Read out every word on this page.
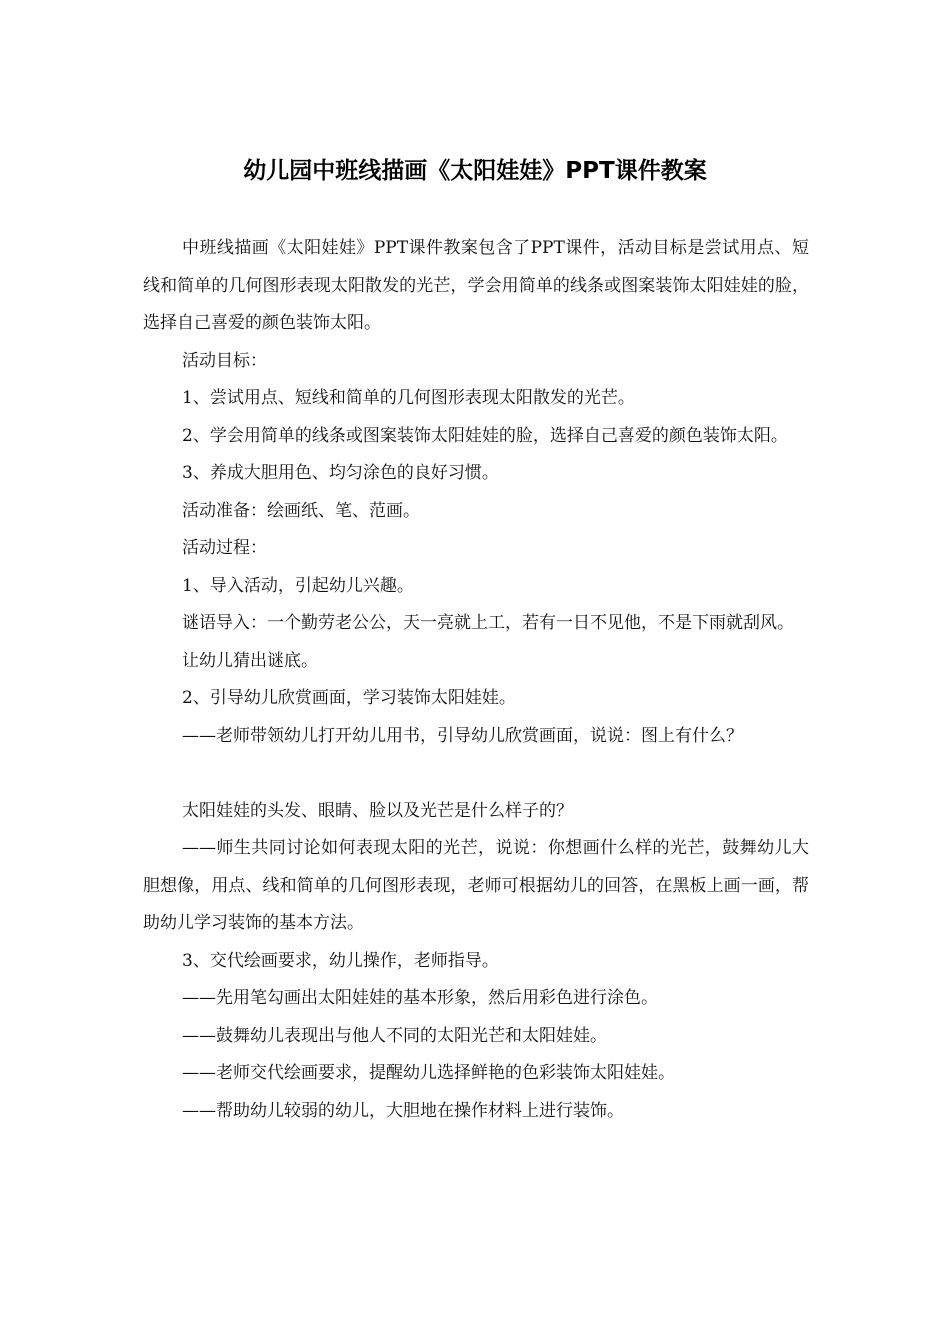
幼儿园中班线描画《太阳娃娃》PPT课件教案

中班线描画《太阳娃娃》PPT课件教案包含了PPT课件，活动目标是尝试用点、短线和简单的几何图形表现太阳散发的光芒，学会用简单的线条或图案装饰太阳娃娃的脸，选择自己喜爱的颜色装饰太阳。

活动目标：

1、尝试用点、短线和简单的几何图形表现太阳散发的光芒。

2、学会用简单的线条或图案装饰太阳娃娃的脸，选择自己喜爱的颜色装饰太阳。

3、养成大胆用色、均匀涂色的良好习惯。

活动准备：绘画纸、笔、范画。

活动过程：

1、导入活动，引起幼儿兴趣。

谜语导入：一个勤劳老公公，天一亮就上工，若有一日不见他，不是下雨就刮风。

让幼儿猜出谜底。

2、引导幼儿欣赏画面，学习装饰太阳娃娃。

——老师带领幼儿打开幼儿用书，引导幼儿欣赏画面，说说：图上有什么？

太阳娃娃的头发、眼睛、脸以及光芒是什么样子的？

——师生共同讨论如何表现太阳的光芒，说说：你想画什么样的光芒，鼓舞幼儿大胆想像，用点、线和简单的几何图形表现，老师可根据幼儿的回答，在黑板上画一画，帮助幼儿学习装饰的基本方法。

3、交代绘画要求，幼儿操作，老师指导。

——先用笔勾画出太阳娃娃的基本形象，然后用彩色进行涂色。

——鼓舞幼儿表现出与他人不同的太阳光芒和太阳娃娃。

——老师交代绘画要求，提醒幼儿选择鲜艳的色彩装饰太阳娃娃。

——帮助幼儿较弱的幼儿，大胆地在操作材料上进行装饰。
